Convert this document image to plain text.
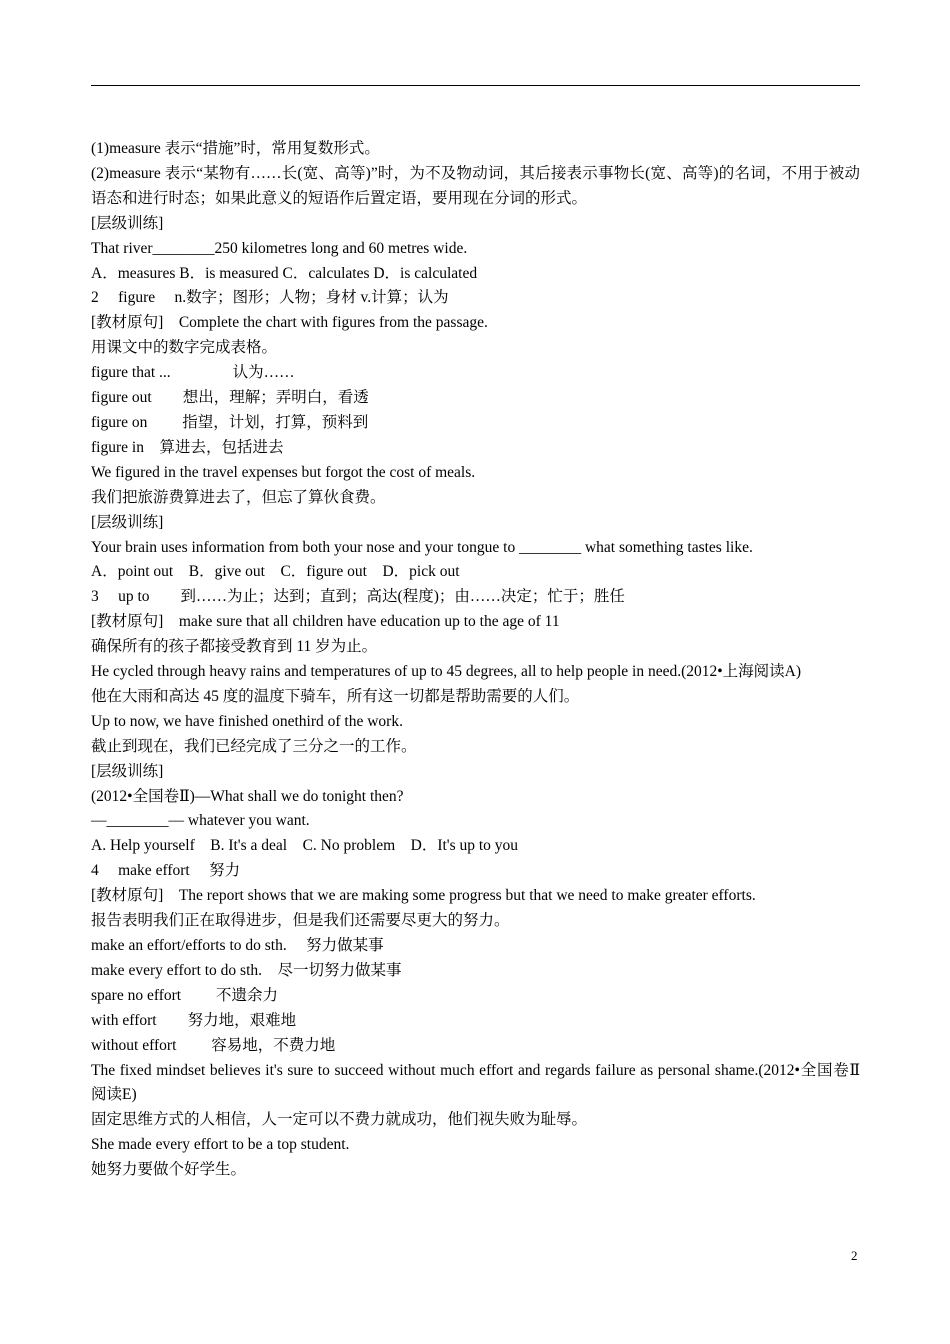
(1)measure 表示“措施”时，常用复数形式。
(2)measure 表示“某物有……长(宽、高等)”时，为不及物动词，其后接表示事物长(宽、高等)的名词，不用于被动语态和进行时态；如果此意义的短语作后置定语，要用现在分词的形式。
[层级训练]
That river________250 kilometres long and 60 metres wide.
A．measures B．is measured C．calculates D．is calculated
2　 figure　 n.数字；图形；人物；身材 v.计算；认为
[教材原句]　Complete the chart with figures from the passage.
用课文中的数字完成表格。
figure that ...　　　　认为……
figure out　　想出，理解；弄明白，看透
figure on　　 指望，计划，打算，预料到
figure in　算进去，包括进去
We figured in the travel expenses but forgot the cost of meals.
我们把旅游费算进去了，但忘了算伙食费。
[层级训练]
Your brain uses information from both your nose and your tongue to ________ what something tastes like.
A．point out　B．give out　C．figure out　D．pick out
3　 up to　　到……为止；达到；直到；高达(程度)；由……决定；忙于；胜任
[教材原句]　make sure that all children have education up to the age of 11
确保所有的孩子都接受教育到 11 岁为止。
He cycled through heavy rains and temperatures of up to 45 degrees, all to help people in need.(2012•上海阅读A)
他在大雨和高达 45 度的温度下骑车，所有这一切都是帮助需要的人们。
Up to now, we have finished onethird of the work.
截止到现在，我们已经完成了三分之一的工作。
[层级训练]
(2012•全国卷Ⅱ)—What shall we do tonight then?
—________— whatever you want.
A. Help yourself　B. It's a deal　C. No problem　D．It's up to you
4　 make effort　 努力
[教材原句]　The report shows that we are making some progress but that we need to make greater efforts.
报告表明我们正在取得进步，但是我们还需要尽更大的努力。
make an effort/efforts to do sth.　 努力做某事
make every effort to do sth.　尽一切努力做某事
spare no effort　　 不遗余力
with effort　　努力地，艰难地
without effort　　 容易地，不费力地
The fixed mindset believes it's sure to succeed without much effort and regards failure as personal shame.(2012•全国卷Ⅱ阅读E)
固定思维方式的人相信，人一定可以不费力就成功，他们视失败为耻辱。
She made every effort to be a top student.
她努力要做个好学生。
2
